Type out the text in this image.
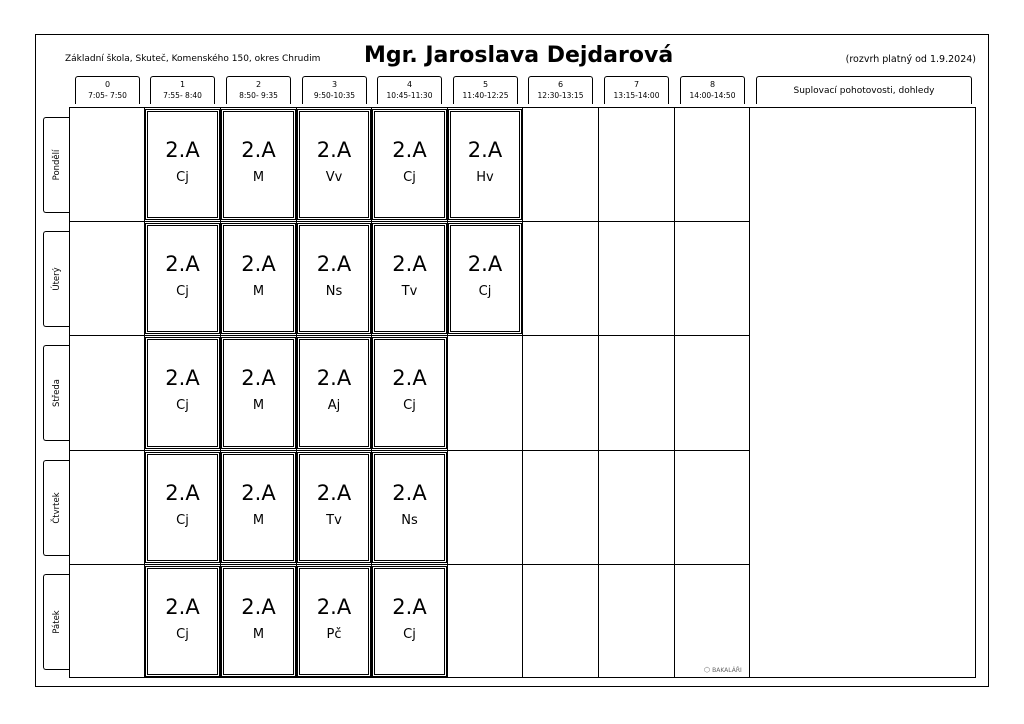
Základní škola, Skuteč, Komenského 150, okres Chrudim Mgr. Jaroslava Dejdarová	(rozvrh platný od 1.9.2024)
0
7:05- 7:50
1
7:55- 8:40
2
8:50- 9:35
3
9:50-10:35
4
10:45-11:30
5
11:40-12:25
6
12:30-13:15
7
13:15-14:00
8
14:00-14:50	Suplovací pohotovosti, dohledy
Pondělí
Úterý
Středa
Čtvrtek
Pátek
2.A
Cj
2.A
M
2.A
Vv
2.A
Cj
2.A
Hv
2.A
Cj
2.A
M
2.A
Ns
2.A
Tv
2.A
Cj
2.A
Cj
2.A
M
2.A
Aj
2.A
Cj
2.A
Cj
2.A
M
2.A
Tv
2.A
Ns
2.A
Cj
2.A
M
2.A
Pč
2.A
Cj
⬡ BAKALÁŘI
